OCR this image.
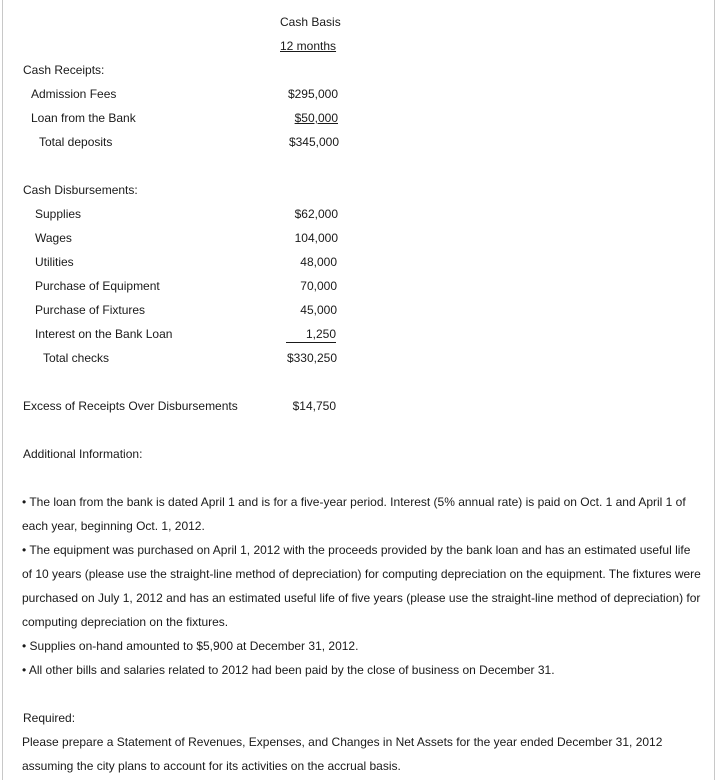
Cash Basis
12 months
Cash Receipts:
Admission Fees	$295,000
Loan from the Bank	$50,000
Total deposits	$345,000
Cash Disbursements:
Supplies	$62,000
Wages	104,000
Utilities	48,000
Purchase of Equipment	70,000
Purchase of Fixtures	45,000
Interest on the Bank Loan	1,250
Total checks	$330,250
Excess of Receipts Over Disbursements	$14,750
Additional Information:
• The loan from the bank is dated April 1 and is for a five-year period. Interest (5% annual rate) is paid on Oct. 1 and April 1 of each year, beginning Oct. 1, 2012.
• The equipment was purchased on April 1, 2012 with the proceeds provided by the bank loan and has an estimated useful life of 10 years (please use the straight-line method of depreciation) for computing depreciation on the equipment. The fixtures were purchased on July 1, 2012 and has an estimated useful life of five years (please use the straight-line method of depreciation) for computing depreciation on the fixtures.
• Supplies on-hand amounted to $5,900 at December 31, 2012.
• All other bills and salaries related to 2012 had been paid by the close of business on December 31.
Required:
Please prepare a Statement of Revenues, Expenses, and Changes in Net Assets for the year ended December 31, 2012 assuming the city plans to account for its activities on the accrual basis.
